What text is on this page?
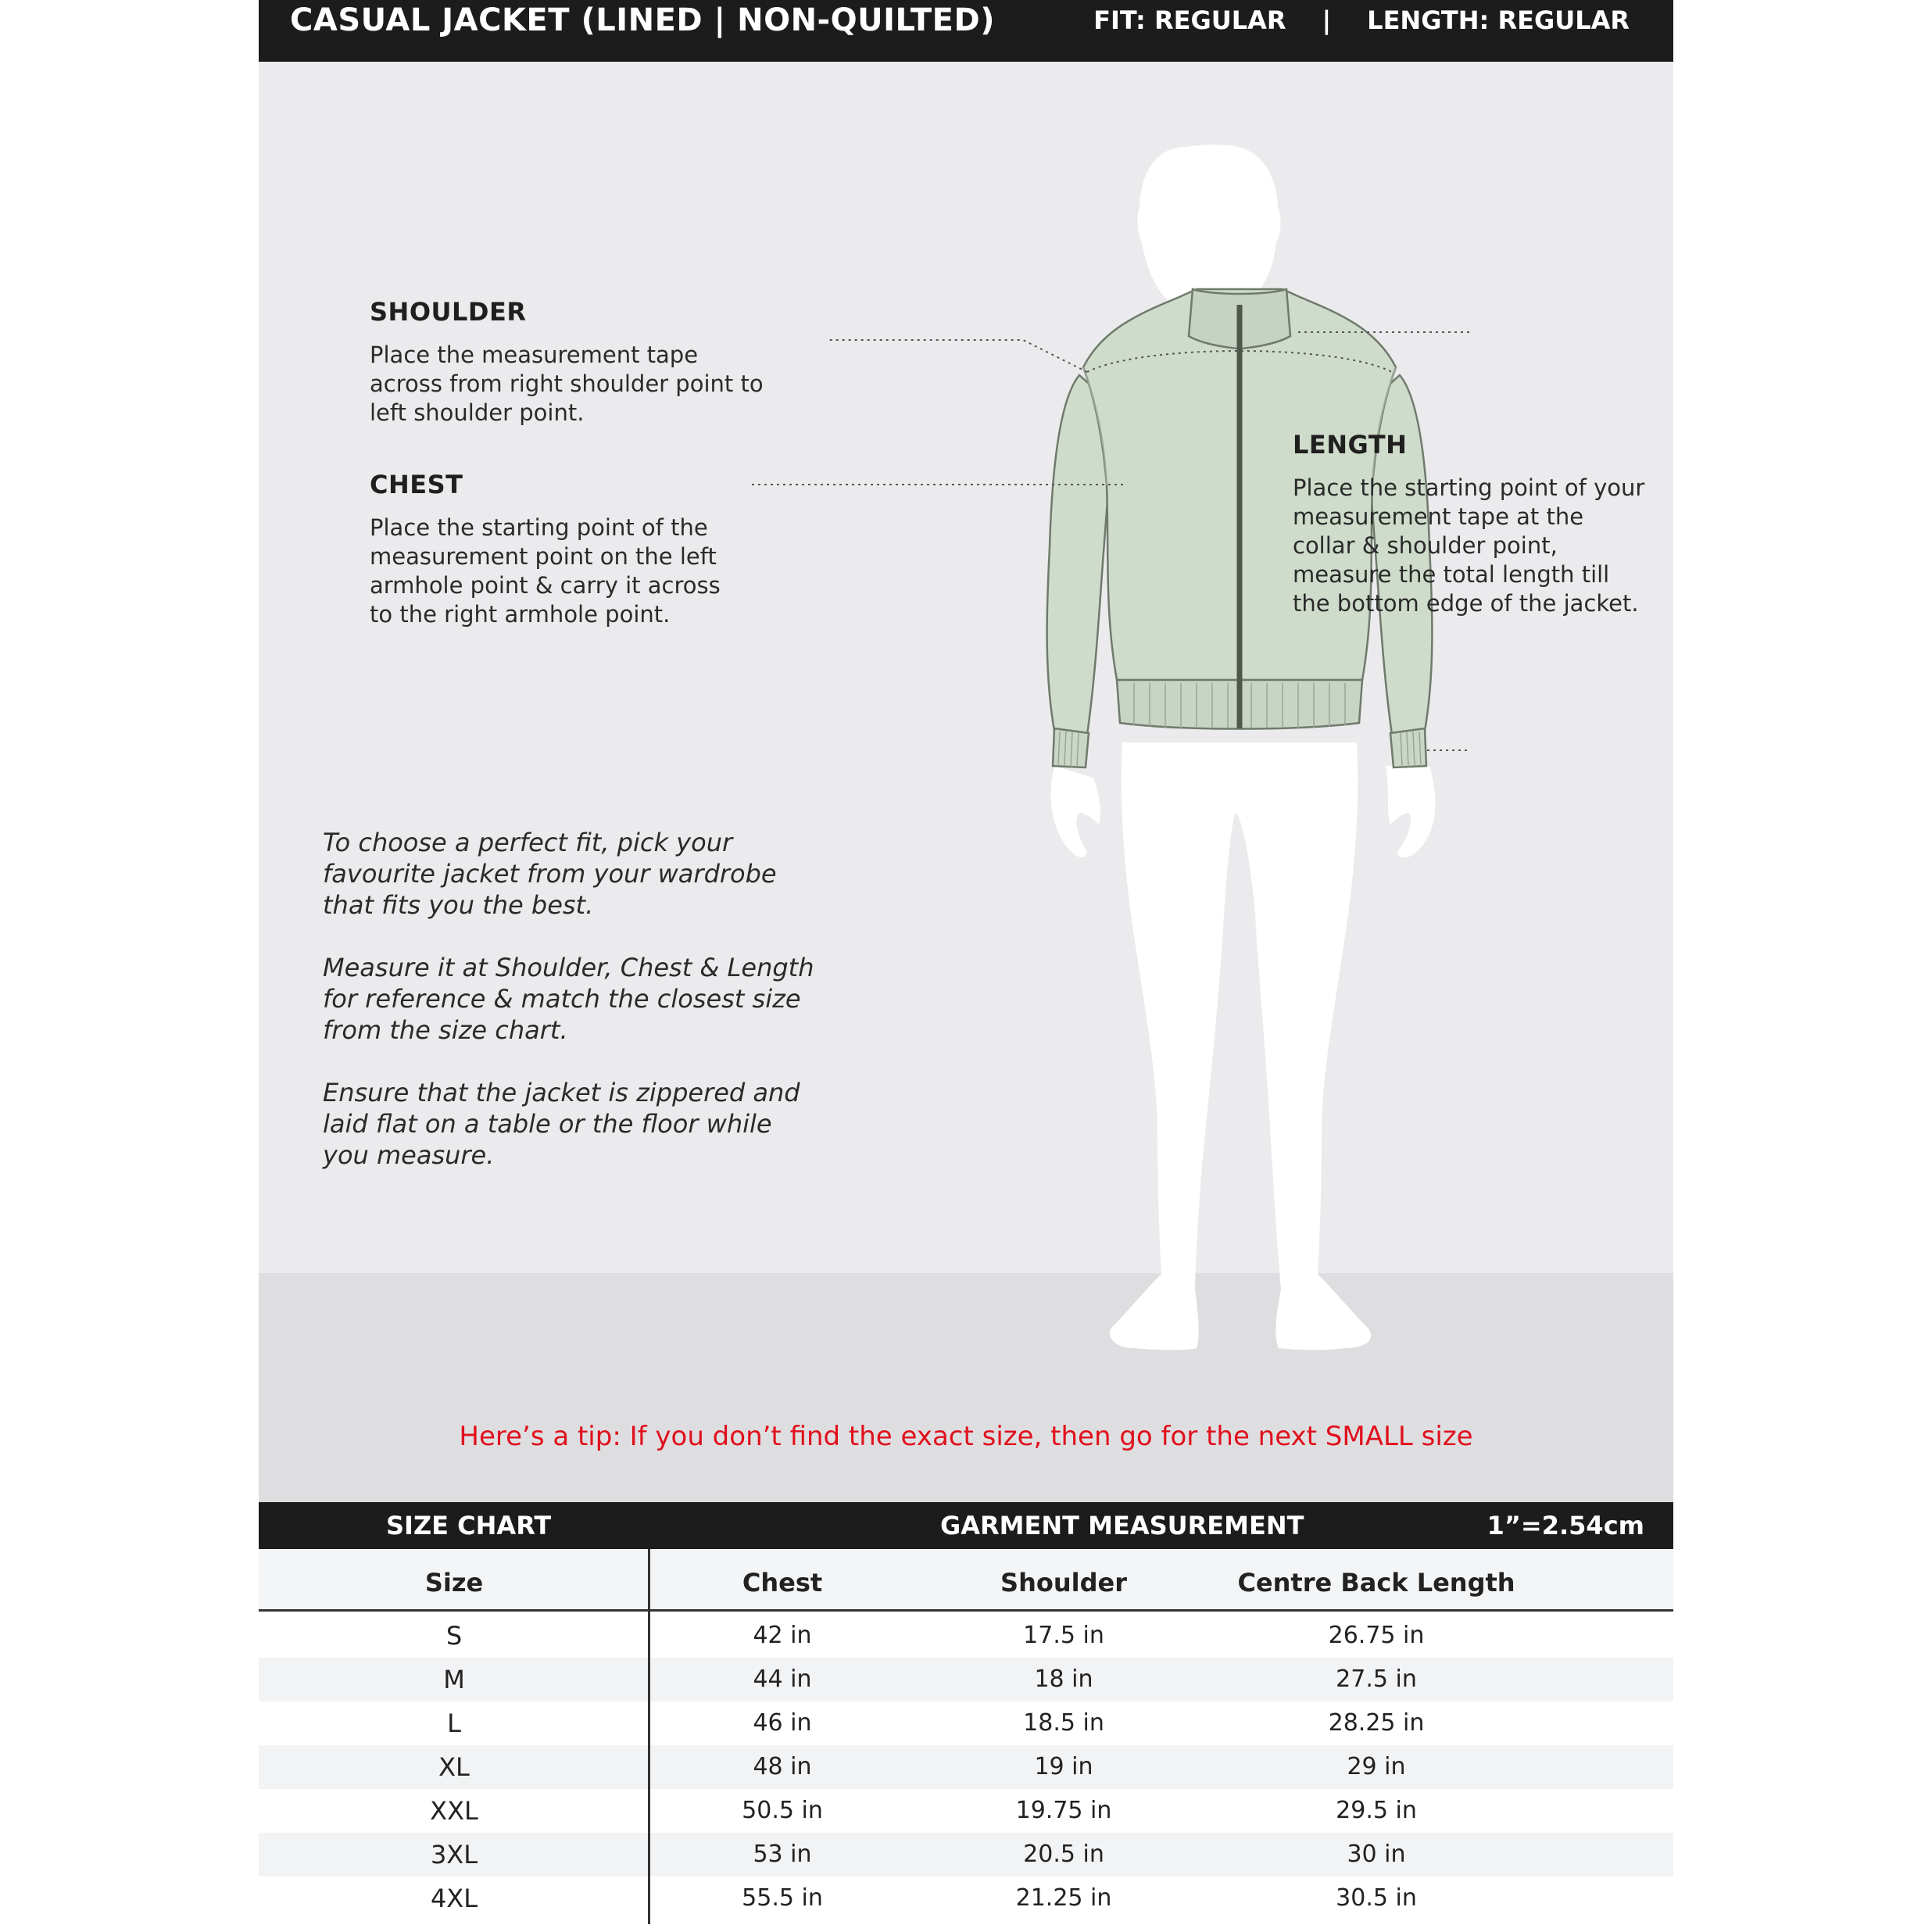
CASUAL JACKET (LINED | NON-QUILTED)	FIT: REGULAR | LENGTH: REGULAR
SHOULDER

Place the measurement tape across from right shoulder point to left shoulder point.

CHEST

Place the starting point of the measurement point on the left armhole point & carry it across to the right armhole point.

LENGTH

Place the starting point of your measurement tape at the collar & shoulder point, measure the total length till the bottom edge of the jacket.

To choose a perfect fit, pick your favourite jacket from your wardrobe that fits you the best.

Measure it at Shoulder, Chest & Length for reference & match the closest size from the size chart.

Ensure that the jacket is zippered and laid flat on a table or the floor while you measure.

Here’s a tip: If you don’t find the exact size, then go for the next SMALL size
SIZE CHART	GARMENT MEASUREMENT	1”=2.54cm
Size	Chest	Shoulder	Centre Back Length
S	42 in	17.5 in	26.75 in
M	44 in	18 in	27.5 in
L	46 in	18.5 in	28.25 in
XL	48 in	19 in	29 in
XXL	50.5 in	19.75 in	29.5 in
3XL	53 in	20.5 in	30 in
4XL	55.5 in	21.25 in	30.5 in
